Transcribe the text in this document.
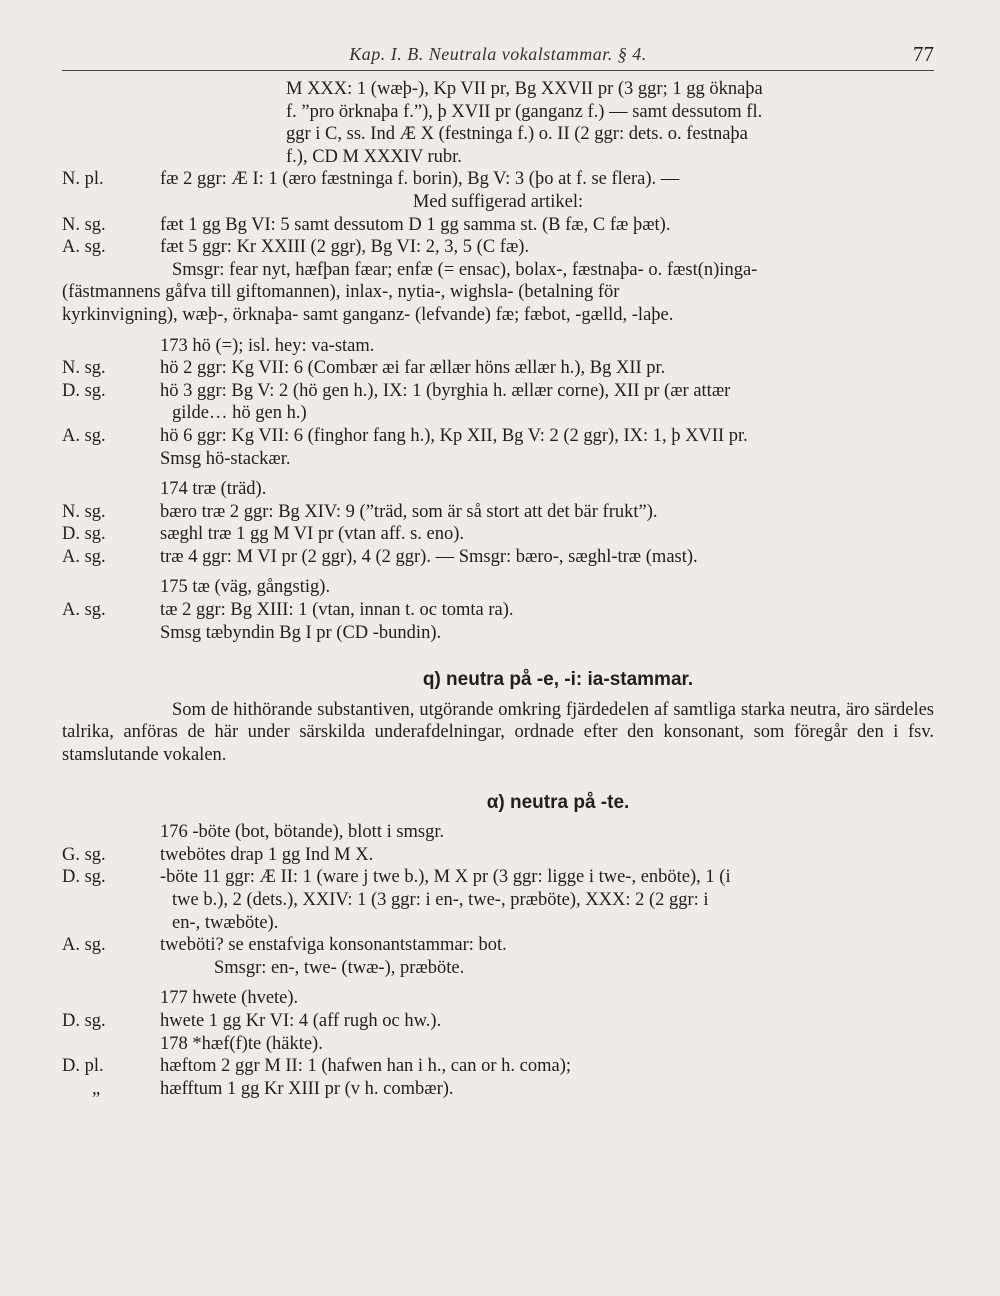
Kap. I. B. Neutrala vokalstammar. § 4.	77
M XXX: 1 (wæþ-), Kp VII pr, Bg XXVII pr (3 ggr; 1 gg öknaþa
f. ”pro örknaþa f.”), þ XVII pr (ganganz f.) — samt dessutom fl.
ggr i C, ss. Ind Æ X (festninga f.) o. II (2 ggr: dets. o. festnaþa
f.), CD M XXXIV rubr.
N. pl.	fæ 2 ggr: Æ I: 1 (æro fæstninga f. borin), Bg V: 3 (þo at f. se flera). —
Med suffigerad artikel:
N. sg.	fæt 1 gg Bg VI: 5 samt dessutom D 1 gg samma st. (B fæ, C fæ þæt).
A. sg.	fæt 5 ggr: Kr XXIII (2 ggr), Bg VI: 2, 3, 5 (C fæ).
Smsgr: fear nyt, hæfþan fæar; enfæ (= ensac), bolax-, fæstnaþa- o. fæst(n)inga-
(fästmannens gåfva till giftomannen), inlax-, nytia-, wighsla- (betalning för
kyrkinvigning), wæþ-, örknaþa- samt ganganz- (lefvande) fæ; fæbot, -gælld, -laþe.
173 hö (=); isl. hey: va-stam.
N. sg.	hö 2 ggr: Kg VII: 6 (Combær æi far ællær höns ællær h.), Bg XII pr.
D. sg.	hö 3 ggr: Bg V: 2 (hö gen h.), IX: 1 (byrghia h. ællær corne), XII pr (ær attær
gilde… hö gen h.)
A. sg.	hö 6 ggr: Kg VII: 6 (finghor fang h.), Kp XII, Bg V: 2 (2 ggr), IX: 1, þ XVII pr.
Smsg hö-stackær.
174 træ (träd).
N. sg.	bæro træ 2 ggr: Bg XIV: 9 (”träd, som är så stort att det bär frukt”).
D. sg.	sæghl træ 1 gg M VI pr (vtan aff. s. eno).
A. sg.	træ 4 ggr: M VI pr (2 ggr), 4 (2 ggr). — Smsgr: bæro-, sæghl-træ (mast).
175 tæ (väg, gångstig).
A. sg.	tæ 2 ggr: Bg XIII: 1 (vtan, innan t. oc tomta ra).
Smsg tæbyndin Bg I pr (CD -bundin).
q) neutra på -e, -i: ia-stammar.
Som de hithörande substantiven, utgörande omkring fjärdedelen af samtliga starka neutra, äro särdeles talrika, anföras de här under särskilda underafdelningar, ordnade efter den konsonant, som föregår den i fsv. stamslutande vokalen.
α) neutra på -te.
176 -böte (bot, bötande), blott i smsgr.
G. sg.	twebötes drap 1 gg Ind M X.
D. sg.	-böte 11 ggr: Æ II: 1 (ware j twe b.), M X pr (3 ggr: ligge i twe-, enböte), 1 (i
twe b.), 2 (dets.), XXIV: 1 (3 ggr: i en-, twe-, præböte), XXX: 2 (2 ggr: i
en-, twæböte).
A. sg.	tweböti? se enstafviga konsonantstammar: bot.
Smsgr: en-, twe- (twæ-), præböte.
177 hwete (hvete).
D. sg.	hwete 1 gg Kr VI: 4 (aff rugh oc hw.).
178 *hæf(f)te (häkte).
D. pl.	hæftom 2 ggr M II: 1 (hafwen han i h., can or h. coma);
„	hæfftum 1 gg Kr XIII pr (v h. combær).
